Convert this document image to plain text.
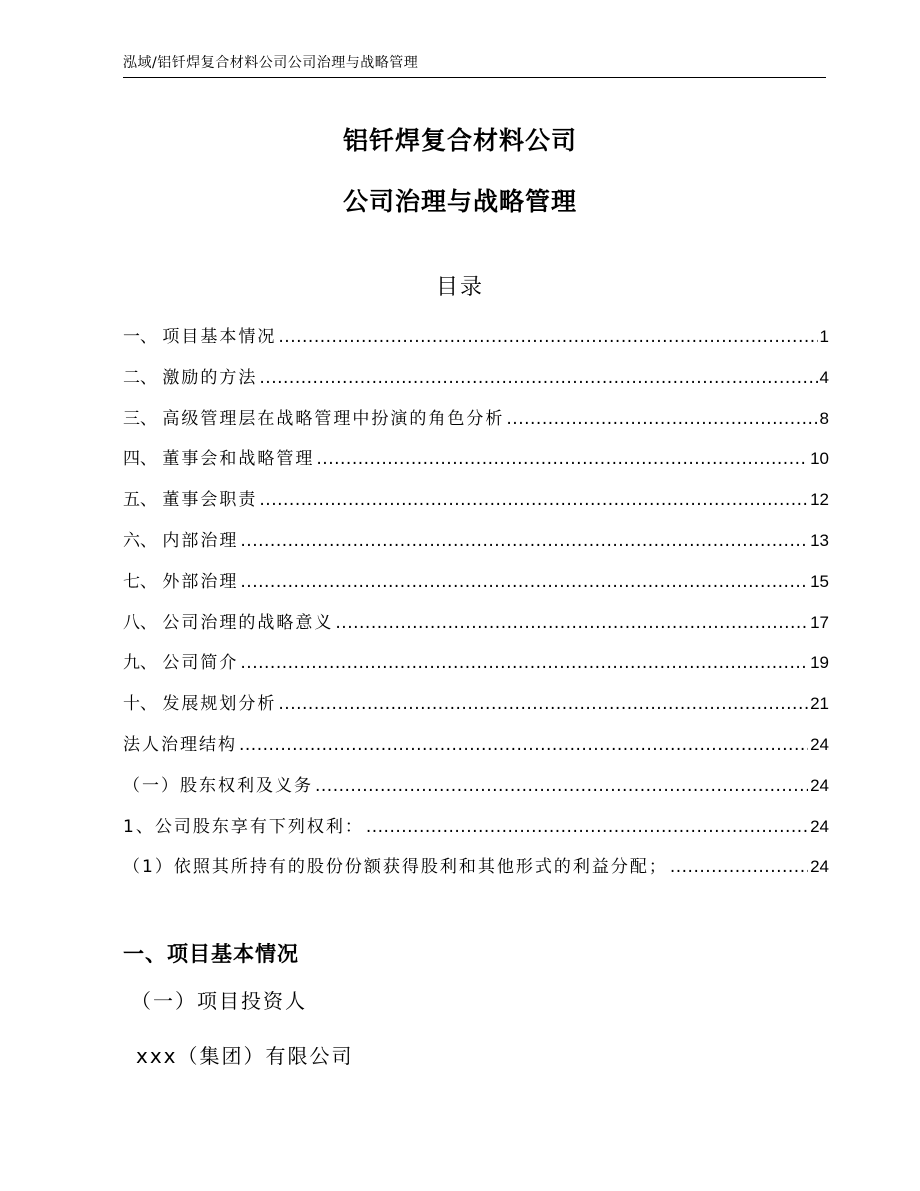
泓域/铝钎焊复合材料公司公司治理与战略管理
铝钎焊复合材料公司
公司治理与战略管理
目录
一、 项目基本情况 .....	1
二、 激励的方法 .....	4
三、 高级管理层在战略管理中扮演的角色分析 .....	8
四、 董事会和战略管理 .....	10
五、 董事会职责 .....	12
六、 内部治理 .....	13
七、 外部治理 .....	15
八、 公司治理的战略意义 .....	17
九、 公司简介 .....	19
十、 发展规划分析 .....	21
法人治理结构 .....	24
（一）股东权利及义务 .....	24
1、公司股东享有下列权利： .....	24
（1）依照其所持有的股份份额获得股利和其他形式的利益分配； .....	24
一、项目基本情况
（一）项目投资人
xxx（集团）有限公司
